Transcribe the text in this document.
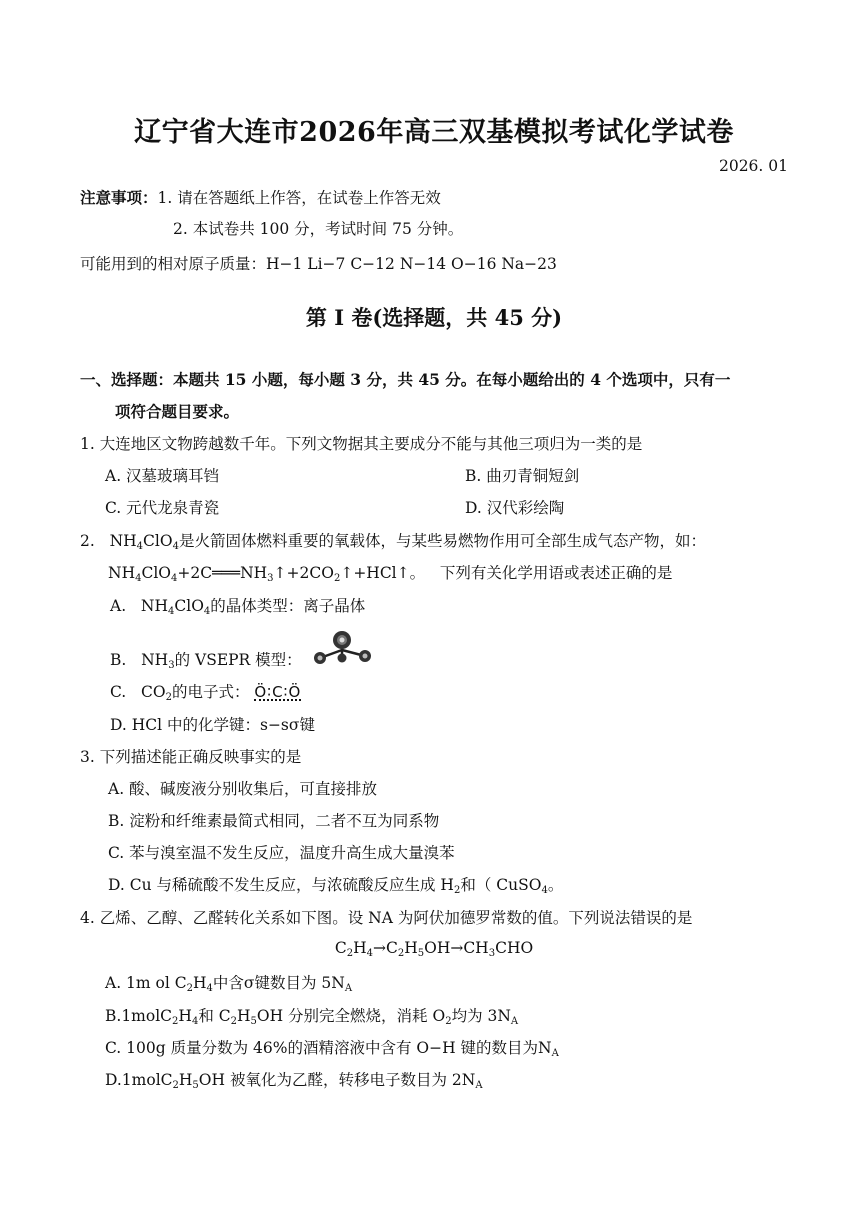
辽宁省大连市2026年高三双基模拟考试化学试卷
2026. 01
注意事项：1. 请在答题纸上作答，在试卷上作答无效
2. 本试卷共 100 分，考试时间 75 分钟。
可能用到的相对原子质量：H−1 Li−7 C−12 N−14 O−16 Na−23
第 Ⅰ 卷(选择题，共 45 分)
一、选择题：本题共 15 小题，每小题 3 分，共 45 分。在每小题给出的 4 个选项中，只有一
项符合题目要求。
1. 大连地区文物跨越数千年。下列文物据其主要成分不能与其他三项归为一类的是
A. 汉墓玻璃耳铛	B. 曲刃青铜短剑
C. 元代龙泉青瓷	D. 汉代彩绘陶
2.   $NH_4ClO_4$是火箭固体燃料重要的氧载体，与某些易燃物作用可全部生成气态产物，如：
$NH_4ClO_4+2C═══NH_3↑+2CO_2↑+HCl↑$。   下列有关化学用语或表述正确的是
A.   $NH_4ClO_4$的晶体类型：离子晶体
B.   $NH_3$的 VSEPR 模型：
C.   $CO_2$的电子式： Ö∶C∶Ö
D. HCl 中的化学键：s−sσ键
3. 下列描述能正确反映事实的是
A. 酸、碱废液分别收集后，可直接排放
B. 淀粉和纤维素最简式相同，二者不互为同系物
C. 苯与溴室温不发生反应，温度升高生成大量溴苯
D. Cu 与稀硫酸不发生反应，与浓硫酸反应生成 $H_2$和（ CuSO$_4$。
4. 乙烯、乙醇、乙醛转化关系如下图。设 NA 为阿伏加德罗常数的值。下列说法错误的是
$C_2H_4\to C_2H_5OH\to CH_3CHO$
A. 1m ol $C_2H_4$中含σ键数目为 $5N_A$
$B.1molC_2H_4$和 $C_2H_5OH$ 分别完全燃烧，消耗 $O_2$均为 $3N_A$
C. 100g 质量分数为 46%的酒精溶液中含有 O−H 键的数目为$N_A$
$D.1molC_2H_5OH$ 被氧化为乙醛，转移电子数目为 $2N_A$
